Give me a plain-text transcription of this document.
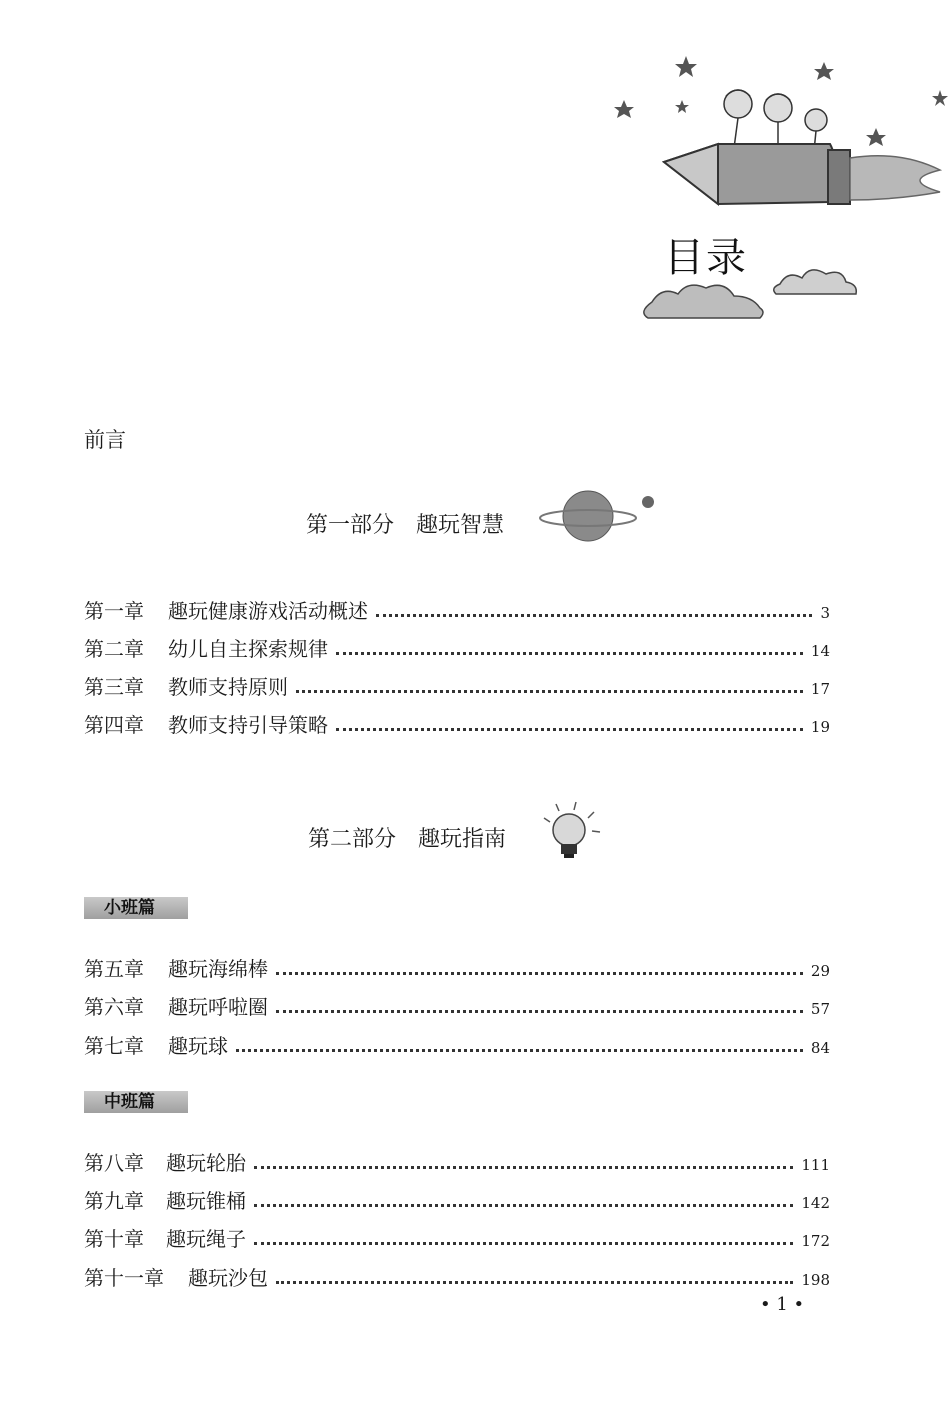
目录
前言
第一部分 趣玩智慧
第一章 趣玩健康游戏活动概述	3
第二章 幼儿自主探索规律	14
第三章 教师支持原则	17
第四章 教师支持引导策略	19
第二部分 趣玩指南
小班篇
第五章 趣玩海绵棒	29
第六章 趣玩呼啦圈	57
第七章 趣玩球	84
中班篇
第八章 趣玩轮胎	111
第九章 趣玩锥桶	142
第十章 趣玩绳子	172
第十一章 趣玩沙包	198
• 1 •
